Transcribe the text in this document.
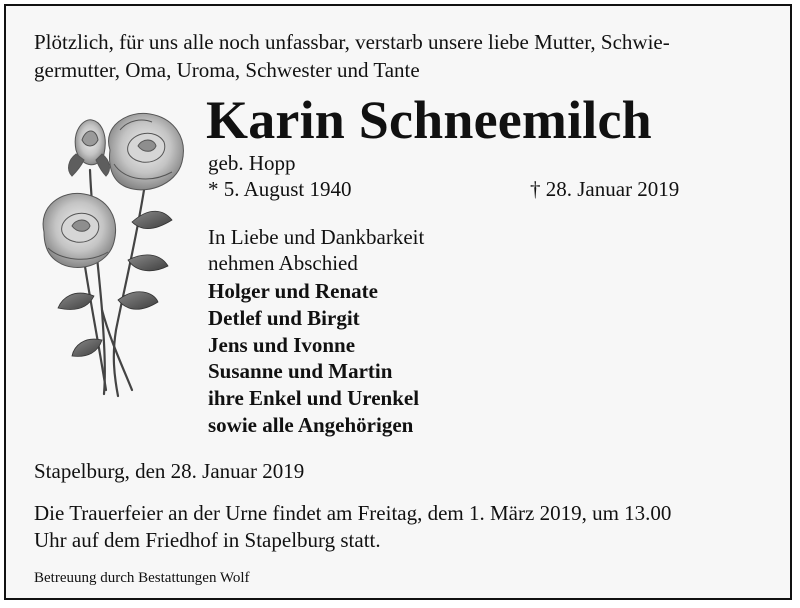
Plötzlich, für uns alle noch unfassbar, verstarb unsere liebe Mutter, Schwie-
germutter, Oma, Uroma, Schwester und Tante
Karin Schneemilch
geb. Hopp
* 5. August 1940	† 28. Januar 2019
In Liebe und Dankbarkeit
nehmen Abschied
Holger und Renate
Detlef und Birgit
Jens und Ivonne
Susanne und Martin
ihre Enkel und Urenkel
sowie alle Angehörigen
Stapelburg, den 28. Januar 2019
Die Trauerfeier an der Urne findet am Freitag, dem 1. März 2019, um 13.00
Uhr auf dem Friedhof in Stapelburg statt.
Betreuung durch Bestattungen Wolf
